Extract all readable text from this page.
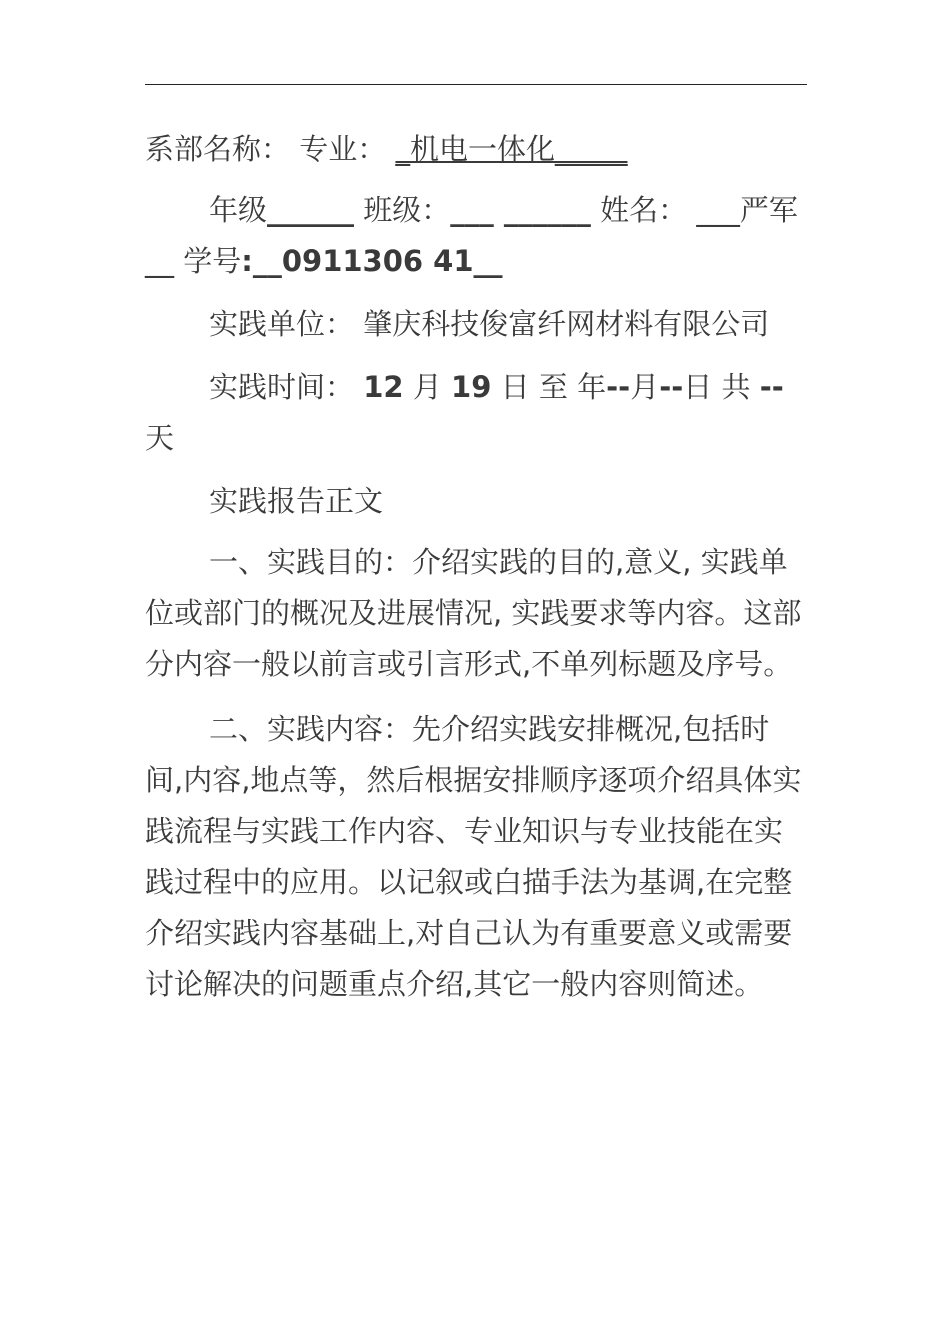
系部名称： 专业： _机电一体化_____

年级______ 班级：___ ______ 姓名： ___严军__ 学号:__0911306 41__

实践单位： 肇庆科技俊富纤网材料有限公司

实践时间： 12 月 19 日 至 年--月--日 共 --天

实践报告正文

一、实践目的：介绍实践的目的,意义, 实践单位或部门的概况及进展情况, 实践要求等内容。这部分内容一般以前言或引言形式,不单列标题及序号。

二、实践内容：先介绍实践安排概况,包括时间,内容,地点等，然后根据安排顺序逐项介绍具体实践流程与实践工作内容、专业知识与专业技能在实践过程中的应用。以记叙或白描手法为基调,在完整介绍实践内容基础上,对自己认为有重要意义或需要讨论解决的问题重点介绍,其它一般内容则简述。
